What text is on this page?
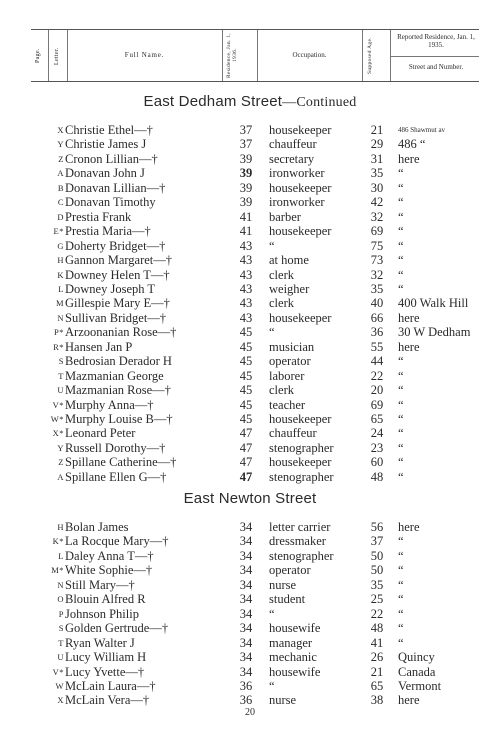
Page. Letter.	Full Name.	Residence, Jan. 1, 1936.	Occupation.	Supposed Age.
Reported Residence, Jan. 1, 1935.
Street and Number.
East Dedham Street—Continued
X Christie Ethel—†	37	housekeeper	21	486 Shawmut av
Y Christie James J	37	chauffeur	29	486 “
Z Cronon Lillian—†	39	secretary	31	here
A Donavan John J	39	ironworker	35	“
B Donavan Lillian—†	39	housekeeper	30	“
C Donavan Timothy	39	ironworker	42	“
D Prestia Frank	41	barber	32	“
E* Prestia Maria—†	41	housekeeper	69	“
G Doherty Bridget—†	43	“	75	“
H Gannon Margaret—†	43	at home	73	“
K Downey Helen T—†	43	clerk	32	“
L Downey Joseph T	43	weigher	35	“
M Gillespie Mary E—†	43	clerk	40	400 Walk Hill
N Sullivan Bridget—†	43	housekeeper	66	here
P* Arzoonanian Rose—†	45	“	36	30 W Dedham
R* Hansen Jan P	45	musician	55	here
S Bedrosian Derador H	45	operator	44	“
T Mazmanian George	45	laborer	22	“
U Mazmanian Rose—†	45	clerk	20	“
V* Murphy Anna—†	45	teacher	69	“
W* Murphy Louise B—†	45	housekeeper	65	“
X* Leonard Peter	47	chauffeur	24	“
Y Russell Dorothy—†	47	stenographer	23	“
Z Spillane Catherine—†	47	housekeeper	60	“
A Spillane Ellen G—†	47	stenographer	48	“
East Newton Street
H Bolan James	34	letter carrier	56	here
K* La Rocque Mary—†	34	dressmaker	37	“
L Daley Anna T—†	34	stenographer	50	“
M* White Sophie—†	34	operator	50	“
N Still Mary—†	34	nurse	35	“
O Blouin Alfred R	34	student	25	“
P Johnson Philip	34	“	22	“
S Golden Gertrude—†	34	housewife	48	“
T Ryan Walter J	34	manager	41	“
U Lucy William H	34	mechanic	26	Quincy
V* Lucy Yvette—†	34	housewife	21	Canada
W McLain Laura—†	36	“	65	Vermont
X McLain Vera—†	36	nurse	38	here
20
